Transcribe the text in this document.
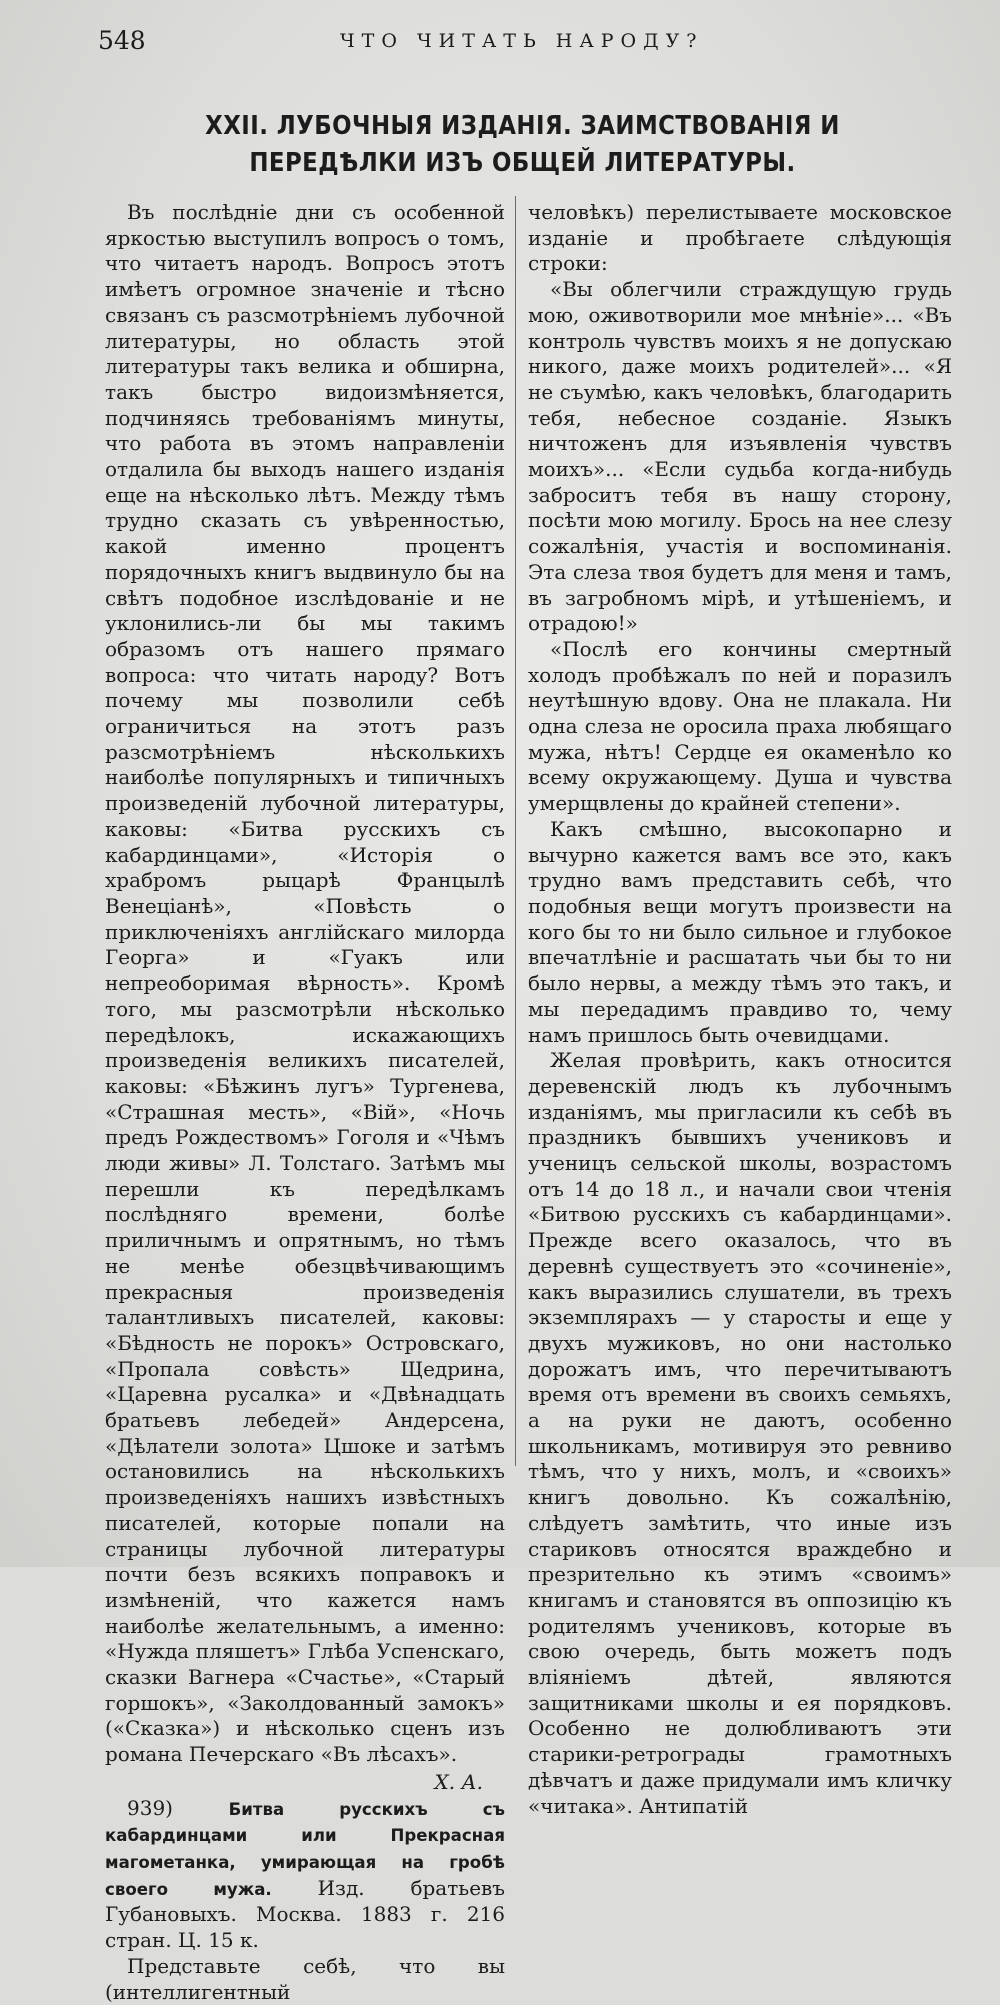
548	ЧТО ЧИТАТЬ НАРОДУ?
XXII. ЛУБОЧНЫЯ ИЗДАНІЯ. ЗАИМСТВОВАНІЯ И ПЕРЕДѢЛКИ ИЗЪ ОБЩЕЙ ЛИТЕРАТУРЫ.

Въ послѣдніе дни съ особенной яркостью выступилъ вопросъ о томъ, что читаетъ народъ. Вопросъ этотъ имѣетъ огромное значеніе и тѣсно связанъ съ разсмотрѣніемъ лубочной литературы, но область этой литературы такъ велика и обширна, такъ быстро видоизмѣняется, подчиняясь требованіямъ минуты, что работа въ этомъ направленіи отдалила бы выходъ нашего изданія еще на нѣсколько лѣтъ. Между тѣмъ трудно сказать съ увѣренностью, какой именно процентъ порядочныхъ книгъ выдвинуло бы на свѣтъ подобное изслѣдованіе и не уклонились-ли бы мы такимъ образомъ отъ нашего прямаго вопроса: что читать народу? Вотъ почему мы позволили себѣ ограничиться на этотъ разъ разсмотрѣніемъ нѣсколькихъ наиболѣе популярныхъ и типичныхъ произведеній лубочной литературы, каковы: «Битва русскихъ съ кабардинцами», «Исторія о храбромъ рыцарѣ Францылѣ Венеціанѣ», «Повѣсть о приключеніяхъ англійскаго милорда Георга» и «Гуакъ или непреоборимая вѣрность». Кромѣ того, мы разсмотрѣли нѣсколько передѣлокъ, искажающихъ произведенія великихъ писателей, каковы: «Бѣжинъ лугъ» Тургенева, «Страшная месть», «Вій», «Ночь предъ Рождествомъ» Гоголя и «Чѣмъ люди живы» Л. Толстаго. Затѣмъ мы перешли къ передѣлкамъ послѣдняго времени, болѣе приличнымъ и опрятнымъ, но тѣмъ не менѣе обезцвѣчивающимъ прекрасныя произведенія талантливыхъ писателей, каковы: «Бѣдность не порокъ» Островскаго, «Пропала совѣсть» Щедрина, «Царевна русалка» и «Двѣнадцать братьевъ лебедей» Андерсена, «Дѣлатели золота» Цшоке и затѣмъ остановились на нѣсколькихъ произведеніяхъ нашихъ извѣстныхъ писателей, которые попали на страницы лубочной литературы почти безъ всякихъ поправокъ и измѣненій, что кажется намъ наиболѣе желательнымъ, а именно: «Нужда пляшетъ» Глѣба Успенскаго, сказки Вагнера «Счастье», «Старый горшокъ», «Заколдованный замокъ» («Сказка») и нѣсколько сценъ изъ романа Печерскаго «Въ лѣсахъ».

Х. А.

939)	Битва русскихъ съ кабардинцами или Прекрасная магометанка, умирающая на гробѣ своего мужа. Изд. братьевъ Губановыхъ. Москва. 1883 г. 216 стран. Ц. 15 к.

Представьте себѣ, что вы (интеллигентный

человѣкъ) перелистываете московское изданіе и пробѣгаете слѣдующія строки:

«Вы облегчили страждущую грудь мою, оживотворили мое мнѣніе»... «Въ контроль чувствъ моихъ я не допускаю никого, даже моихъ родителей»... «Я не съумѣю, какъ человѣкъ, благодарить тебя, небесное созданіе. Языкъ ничтоженъ для изъявленія чувствъ моихъ»... «Если судьба когда-нибудь заброситъ тебя въ нашу сторону, посѣти мою могилу. Брось на нее слезу сожалѣнія, участія и воспоминанія. Эта слеза твоя будетъ для меня и тамъ, въ загробномъ мірѣ, и утѣшеніемъ, и отрадою!»

«Послѣ его кончины смертный холодъ пробѣжалъ по ней и поразилъ неутѣшную вдову. Она не плакала. Ни одна слеза не оросила праха любящаго мужа, нѣтъ! Сердце ея окаменѣло ко всему окружающему. Душа и чувства умерщвлены до крайней степени».

Какъ смѣшно, высокопарно и вычурно кажется вамъ все это, какъ трудно вамъ представить себѣ, что подобныя вещи могутъ произвести на кого бы то ни было сильное и глубокое впечатлѣніе и расшатать чьи бы то ни было нервы, а между тѣмъ это такъ, и мы передадимъ правдиво то, чему намъ пришлось быть очевидцами.

Желая провѣрить, какъ относится деревенскій людъ къ лубочнымъ изданіямъ, мы пригласили къ себѣ въ праздникъ бывшихъ учениковъ и ученицъ сельской школы, возрастомъ отъ 14 до 18 л., и начали свои чтенія «Битвою русскихъ съ кабардинцами». Прежде всего оказалось, что въ деревнѣ существуетъ это «сочиненіе», какъ выразились слушатели, въ трехъ экземплярахъ — у старосты и еще у двухъ мужиковъ, но они настолько дорожатъ имъ, что перечитываютъ время отъ времени въ своихъ семьяхъ, а на руки не даютъ, особенно школьникамъ, мотивируя это ревниво тѣмъ, что у нихъ, молъ, и «своихъ» книгъ довольно. Къ сожалѣнію, слѣдуетъ замѣтить, что иные изъ стариковъ относятся враждебно и презрительно къ этимъ «своимъ» книгамъ и становятся въ оппозицію къ родителямъ учениковъ, которые въ свою очередь, быть можетъ подъ вліяніемъ дѣтей, являются защитниками школы и ея порядковъ. Особенно не долюбливаютъ эти старики-ретрограды грамотныхъ дѣвчатъ и даже придумали имъ кличку «читака». Антипатій
